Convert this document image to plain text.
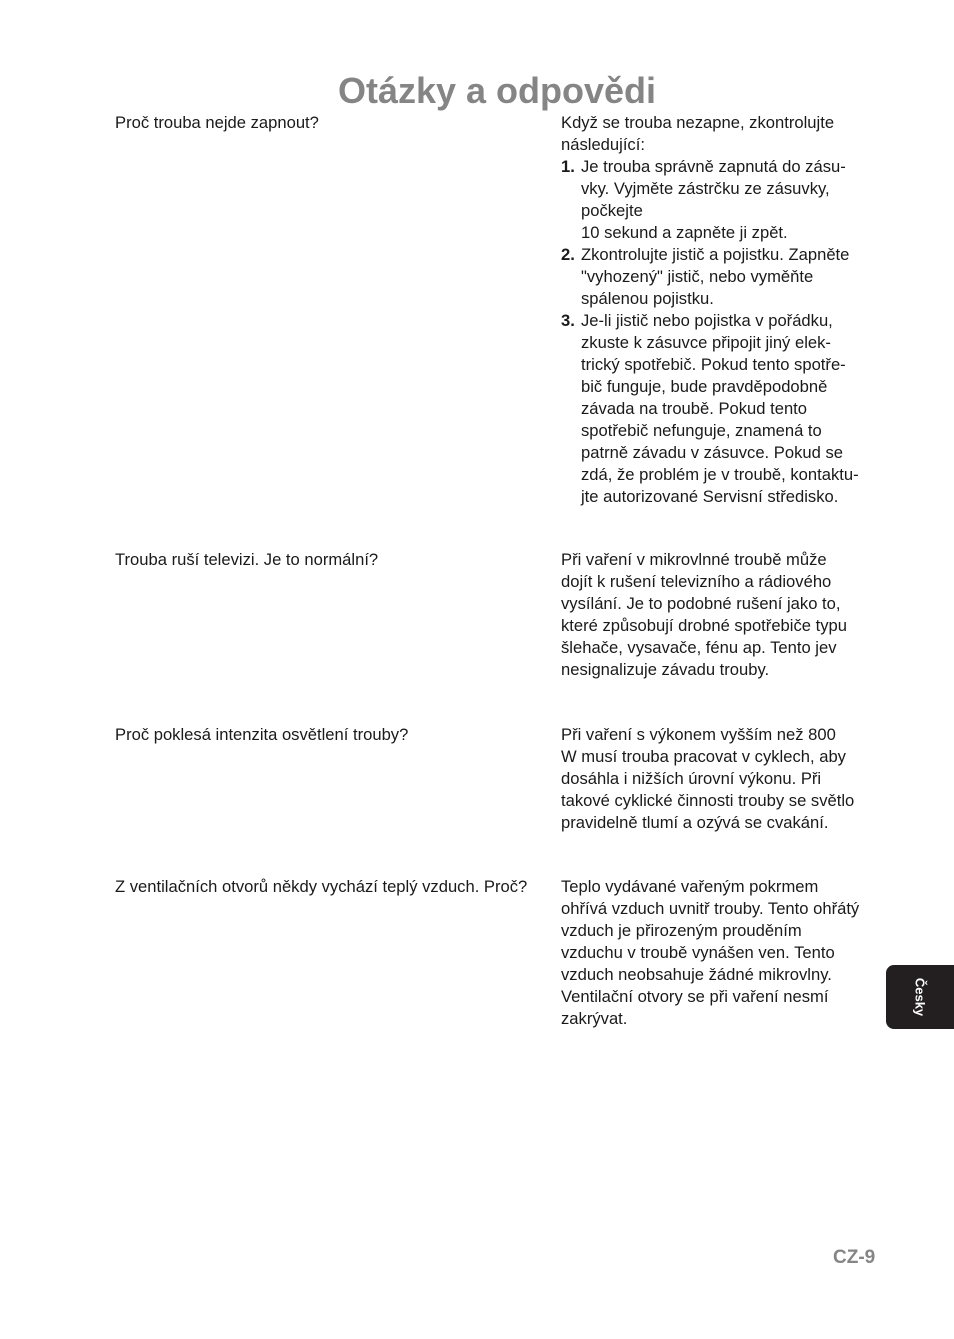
Otázky a odpovědi
Proč trouba nejde zapnout?	Když se trouba nezapne, zkontrolujte
následující:
1. Je trouba správně zapnutá do zásu-
vky. Vyjměte zástrčku ze zásuvky,
počkejte
10 sekund a zapněte ji zpět.
2. Zkontrolujte jistič a pojistku. Zapněte
"vyhozený" jistič, nebo vyměňte
spálenou pojistku.
3. Je-li jistič nebo pojistka v pořádku,
zkuste k zásuvce připojit jiný elek-
trický spotřebič. Pokud tento spotře-
bič funguje, bude pravděpodobně
závada na troubě. Pokud tento
spotřebič nefunguje, znamená to
patrně závadu v zásuvce. Pokud se
zdá, že problém je v troubě, kontaktu-
jte autorizované Servisní středisko.
Trouba ruší televizi. Je to normální?	Při vaření v mikrovlnné troubě může
dojít k rušení televizního a rádiového
vysílání. Je to podobné rušení jako to,
které způsobují drobné spotřebiče typu
šlehače, vysavače, fénu ap. Tento jev
nesignalizuje závadu trouby.
Proč poklesá intenzita osvětlení trouby?	Při vaření s výkonem vyšším než 800
W musí trouba pracovat v cyklech, aby
dosáhla i nižších úrovní výkonu. Při
takové cyklické činnosti trouby se světlo
pravidelně tlumí a ozývá se cvakání.
Z ventilačních otvorů někdy vychází teplý vzduch. Proč?	Teplo vydávané vařeným pokrmem
ohřívá vzduch uvnitř trouby. Tento ohřátý
vzduch je přirozeným prouděním
vzduchu v troubě vynášen ven. Tento
vzduch neobsahuje žádné mikrovlny.
Ventilační otvory se při vaření nesmí
zakrývat.
Česky
CZ-9
